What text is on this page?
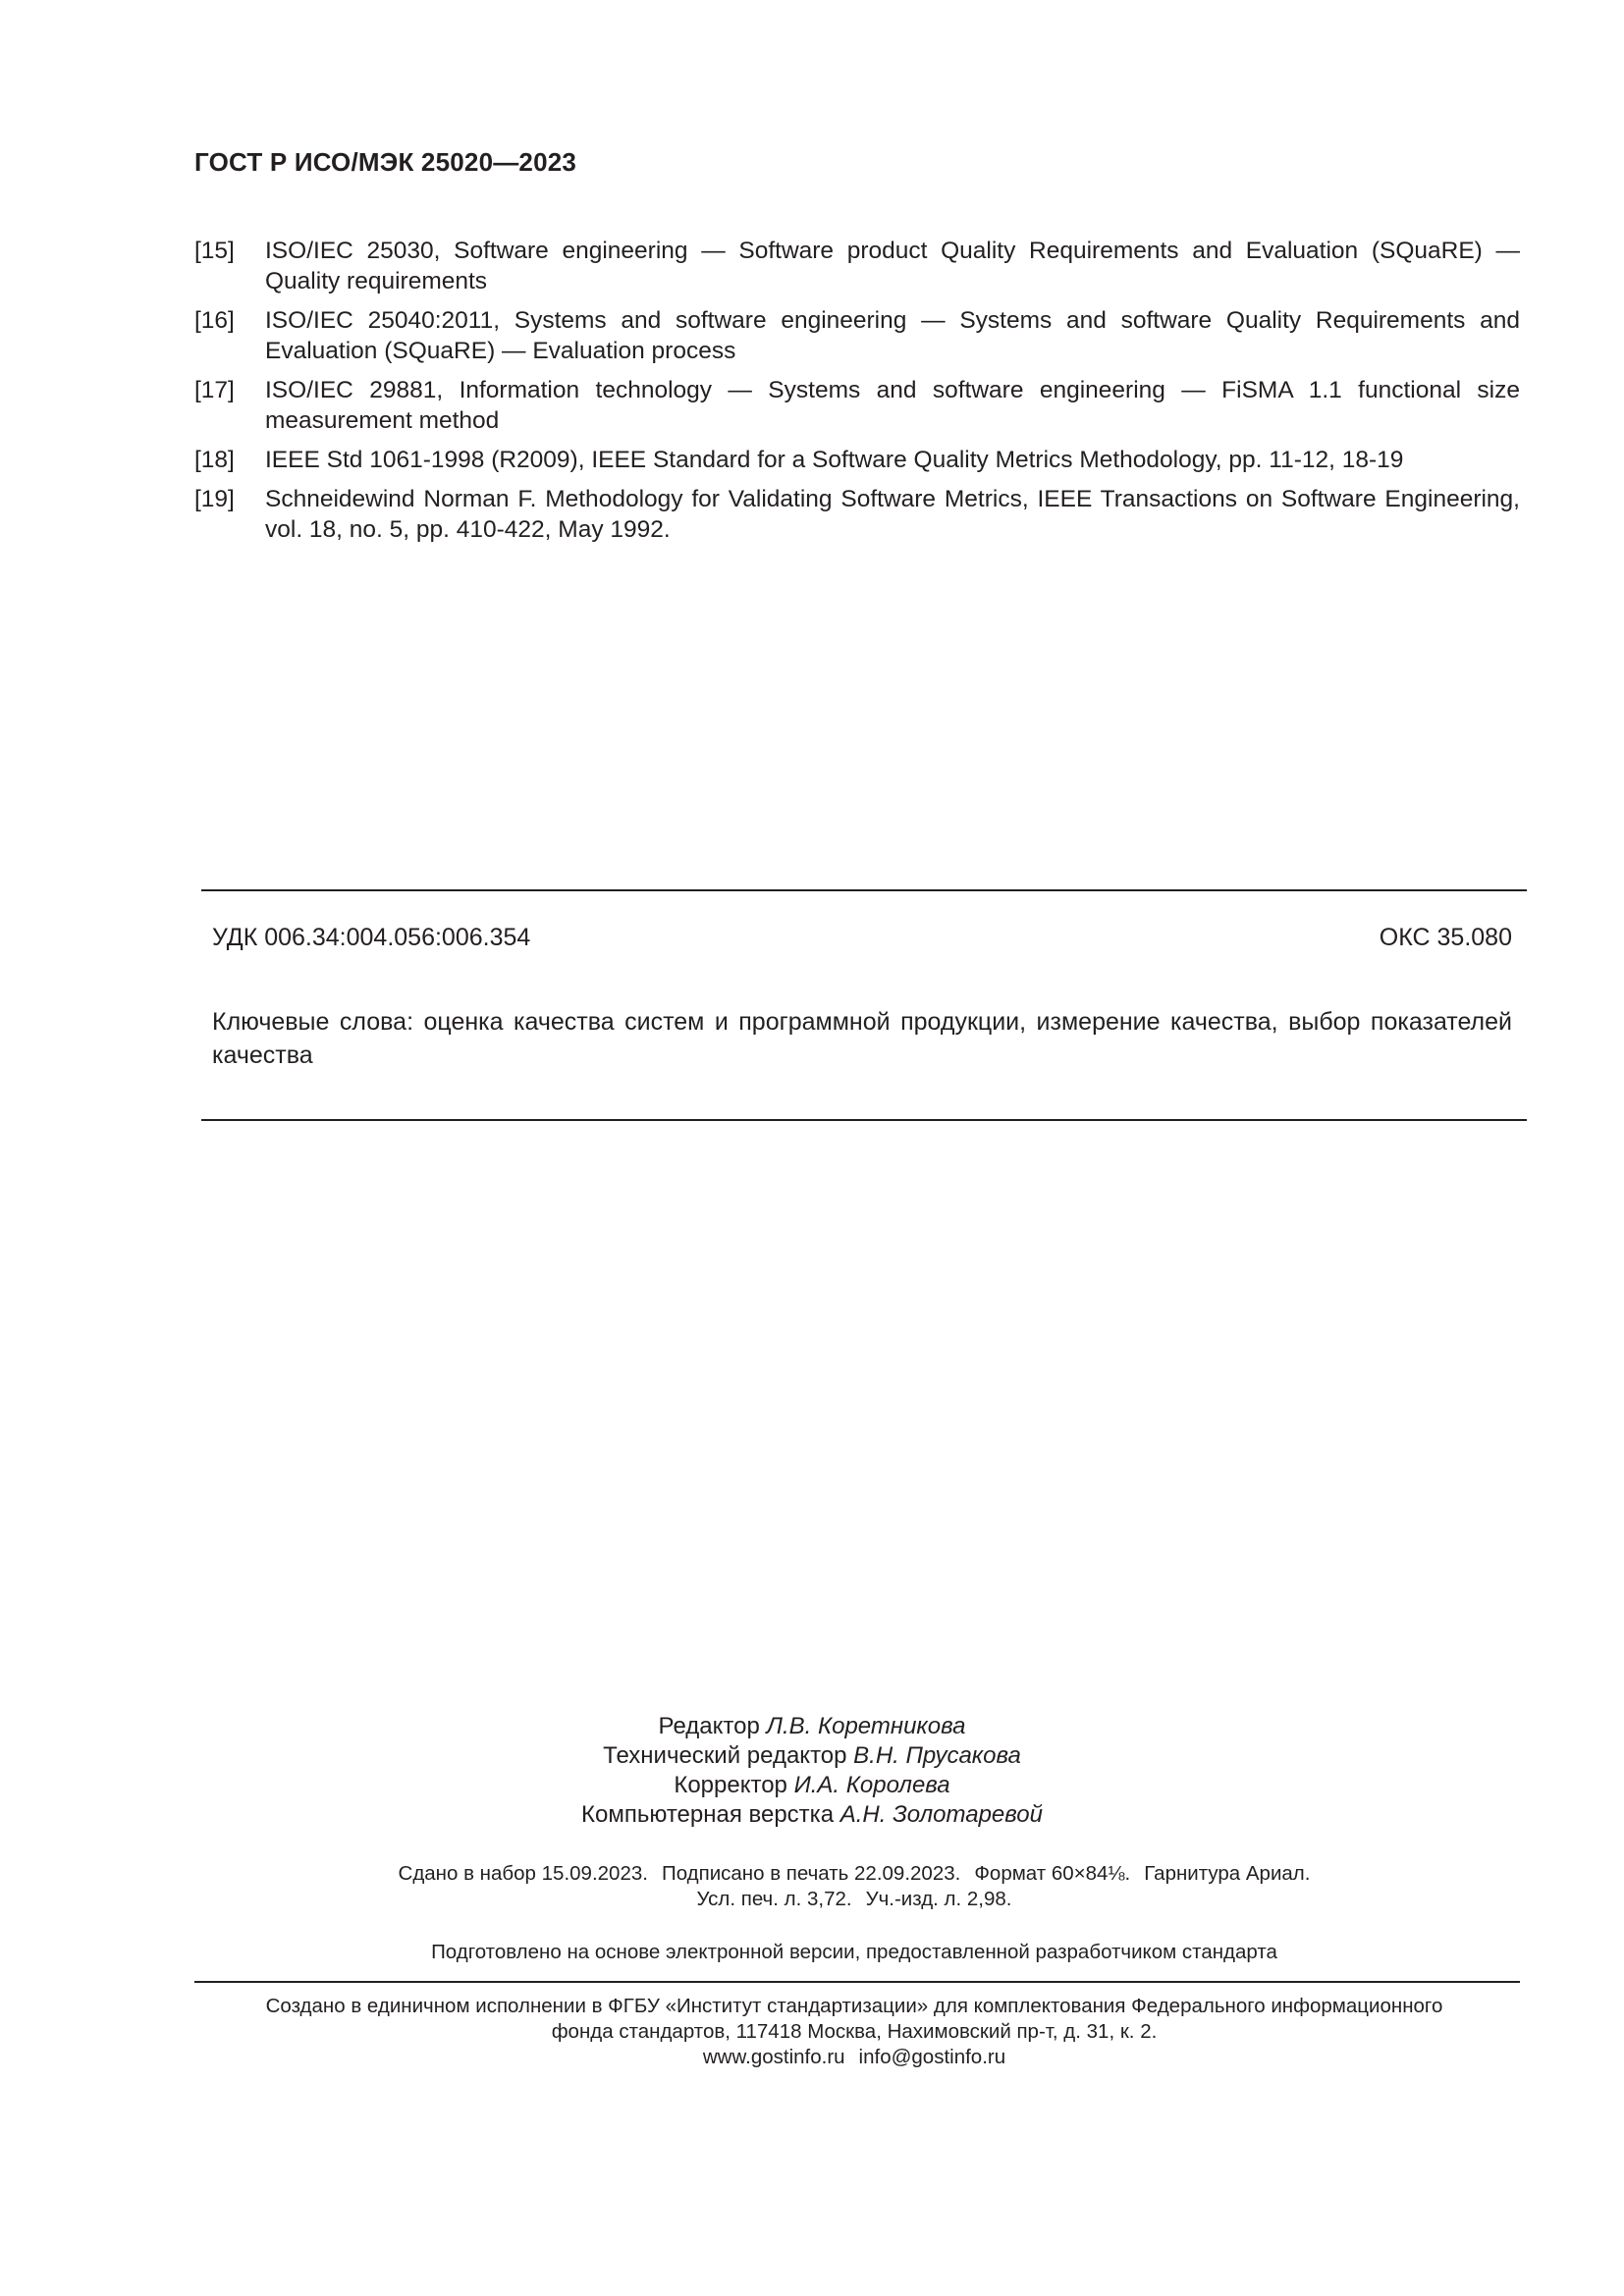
ГОСТ Р ИСО/МЭК 25020—2023
[15]	ISO/IEC 25030, Software engineering — Software product Quality Requirements and Evaluation (SQuaRE) — Quality requirements
[16]	ISO/IEC 25040:2011, Systems and software engineering — Systems and software Quality Requirements and Evaluation (SQuaRE) — Evaluation process
[17]	ISO/IEC 29881, Information technology — Systems and software engineering — FiSMA 1.1 functional size measurement method
[18]	IEEE Std 1061-1998 (R2009), IEEE Standard for a Software Quality Metrics Methodology, pp. 11-12, 18-19
[19]	Schneidewind Norman F. Methodology for Validating Software Metrics, IEEE Transactions on Software Engineering, vol. 18, no. 5, pp. 410-422, May 1992.
УДК 006.34:004.056:006.354	ОКС 35.080
Ключевые слова: оценка качества систем и программной продукции, измерение качества, выбор показателей качества
Редактор Л.В. Коретникова
Технический редактор В.Н. Прусакова
Корректор И.А. Королева
Компьютерная верстка А.Н. Золотаревой
Сдано в набор 15.09.2023. Подписано в печать 22.09.2023. Формат 60×84⅛. Гарнитура Ариал.
Усл. печ. л. 3,72. Уч.-изд. л. 2,98.
Подготовлено на основе электронной версии, предоставленной разработчиком стандарта
Создано в единичном исполнении в ФГБУ «Институт стандартизации» для комплектования Федерального информационного
фонда стандартов, 117418 Москва, Нахимовский пр-т, д. 31, к. 2.
www.gostinfo.ru info@gostinfo.ru
